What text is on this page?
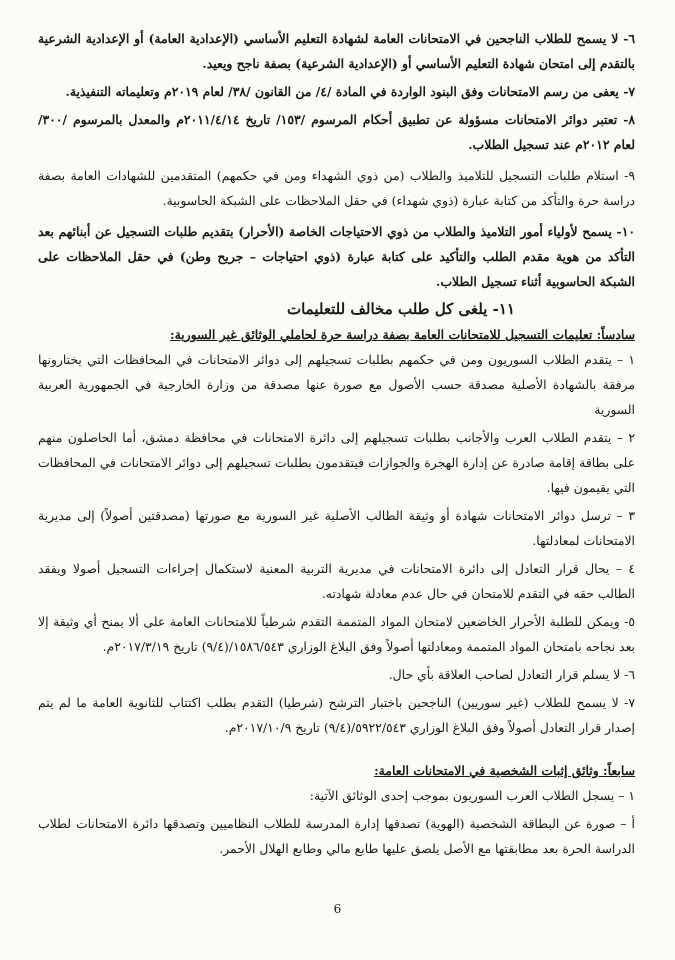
٦- لا يسمح للطلاب الناجحين في الامتحانات العامة لشهادة التعليم الأساسي (الإعدادية العامة) أو الإعدادية الشرعية بالتقدم إلى امتحان شهادة التعليم الأساسي أو (الإعدادية الشرعية) بصفة ناجح ويعيد.

٧- يعفى من رسم الامتحانات وفق البنود الواردة في المادة /٤/ من القانون /٣٨/ لعام ٢٠١٩م وتعليماته التنفيذية.

٨- تعتبر دوائر الامتحانات مسؤولة عن تطبيق أحكام المرسوم /١٥٣/ تاريخ ٢٠١١/٤/١٤م والمعدل بالمرسوم /٣٠٠/ لعام ٢٠١٢م عند تسجيل الطلاب.

٩- استلام طلبات التسجيل للتلاميذ والطلاب (من ذوي الشهداء ومن في حكمهم) المتقدمين للشهادات العامة بصفة دراسة حرة والتأكد من كتابة عبارة (ذوي شهداء) في حقل الملاحظات على الشبكة الحاسوبية.

١٠- يسمح لأولياء أمور التلاميذ والطلاب من ذوي الاحتياجات الخاصة (الأحرار) بتقديم طلبات التسجيل عن أبنائهم بعد التأكد من هوية مقدم الطلب والتأكيد على كتابة عبارة (ذوي احتياجات – جريح وطن) في حقل الملاحظات على الشبكة الحاسوبية أثناء تسجيل الطلاب.

١١- يلغى كل طلب مخالف للتعليمات

سادساً: تعليمات التسجيل للامتحانات العامة بصفة دراسة حرة لحاملي الوثائق غير السورية:

١ – يتقدم الطلاب السوريون ومن في حكمهم بطلبات تسجيلهم إلى دوائر الامتحانات في المحافظات التي يختارونها مرفقة بالشهادة الأصلية مصدقة حسب الأصول مع صورة عنها مصدقة من وزارة الخارجية في الجمهورية العربية السورية

٢ – يتقدم الطلاب العرب والأجانب بطلبات تسجيلهم إلى دائرة الامتحانات في محافظة دمشق، أما الحاصلون منهم على بطاقة إقامة صادرة عن إدارة الهجرة والجوازات فيتقدمون بطلبات تسجيلهم إلى دوائر الامتحانات في المحافظات التي يقيمون فيها.

٣ – ترسل دوائر الامتحانات شهادة أو وثيقة الطالب الأصلية غير السورية مع صورتها (مصدقتين أصولاً) إلى مديرية الامتحانات لمعادلتها.

٤ – يحال قرار التعادل إلى دائرة الامتحانات في مديرية التربية المعنية لاستكمال إجراءات التسجيل أصولا ويفقد الطالب حقه في التقدم للامتحان في حال عدم معادلة شهادته.

٥- ويمكن للطلبة الأحرار الخاضعين لامتحان المواد المتممة التقدم شرطياً للامتحانات العامة على ألا يمنح أي وثيقة إلا بعد نجاحه بامتحان المواد المتممة ومعادلتها أصولاً وفق البلاغ الوزاري ١٥٨٦/٥٤٣/(٩/٤) تاريخ ٢٠١٧/٣/١٩م.

٦- لا يسلم قرار التعادل لصاحب العلاقة بأي حال.

٧- لا يسمح للطلاب (غير سوريين) الناجحين باختبار الترشح (شرطيا) التقدم بطلب اكتتاب للثانوية العامة ما لم يتم إصدار قرار التعادل أصولاً وفق البلاغ الوزاري ٥٩٢٢/٥٤٣/(٩/٤) تاريخ ٢٠١٧/١٠/٩م.

سابعاً: وثائق إثبات الشخصية في الامتحانات العامة:

١ – يسجل الطلاب العرب السوريون بموجب إحدى الوثائق الآتية:

أ – صورة عن البطاقة الشخصية (الهوية) تصدقها إدارة المدرسة للطلاب النظاميين وتصدقها دائرة الامتحانات لطلاب الدراسة الحرة بعد مطابقتها مع الأصل يلصق عليها طابع مالي وطابع الهلال الأحمر.

6
